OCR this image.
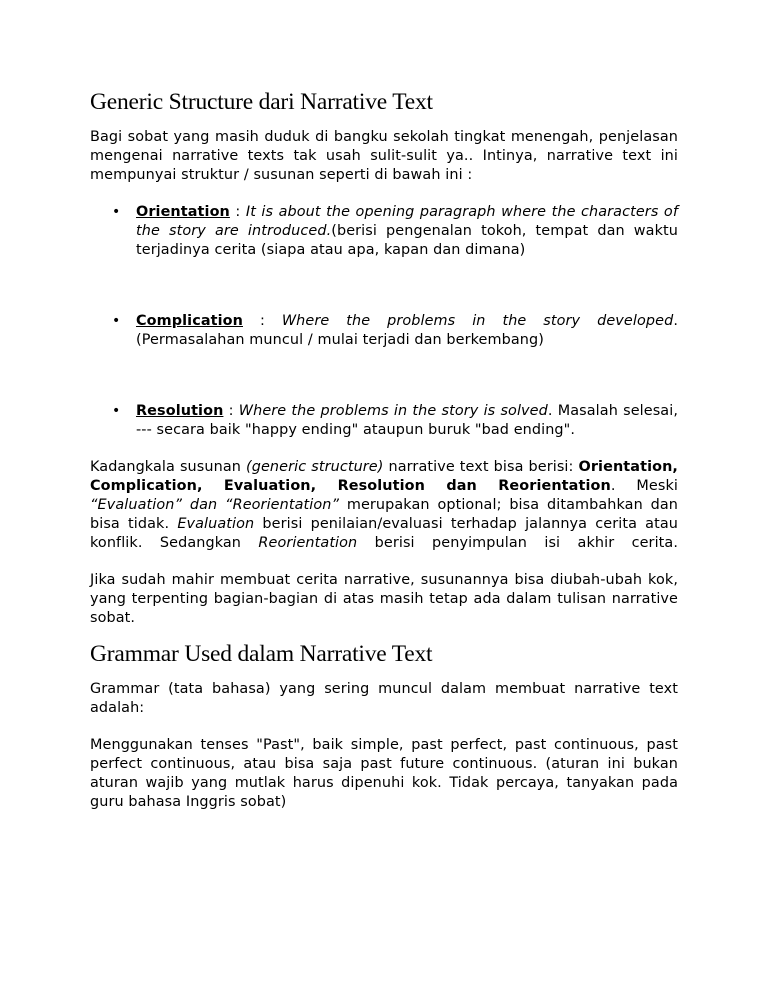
Generic Structure dari Narrative Text

Bagi sobat yang masih duduk di bangku sekolah tingkat menengah, penjelasan mengenai narrative texts tak usah sulit-sulit ya.. Intinya, narrative text ini mempunyai struktur / susunan seperti di bawah ini :

• Orientation : It is about the opening paragraph where the characters of the story are introduced.(berisi pengenalan tokoh, tempat dan waktu terjadinya cerita (siapa atau apa, kapan dan dimana)
• Complication : Where the problems in the story developed. (Permasalahan muncul / mulai terjadi dan berkembang)
• Resolution : Where the problems in the story is solved. Masalah selesai, --- secara baik "happy ending" ataupun buruk "bad ending".

Kadangkala susunan (generic structure) narrative text bisa berisi: Orientation, Complication, Evaluation, Resolution dan Reorientation. Meski “Evaluation” dan “Reorientation” merupakan optional; bisa ditambahkan dan bisa tidak. Evaluation berisi penilaian/evaluasi terhadap jalannya cerita atau konflik. Sedangkan Reorientation berisi penyimpulan isi akhir cerita.

Jika sudah mahir membuat cerita narrative, susunannya bisa diubah-ubah kok, yang terpenting bagian-bagian di atas masih tetap ada dalam tulisan narrative sobat.

Grammar Used dalam Narrative Text

Grammar (tata bahasa) yang sering muncul dalam membuat narrative text adalah:

Menggunakan tenses "Past", baik simple, past perfect, past continuous, past perfect continuous, atau bisa saja past future continuous. (aturan ini bukan aturan wajib yang mutlak harus dipenuhi kok. Tidak percaya, tanyakan pada guru bahasa Inggris sobat)
